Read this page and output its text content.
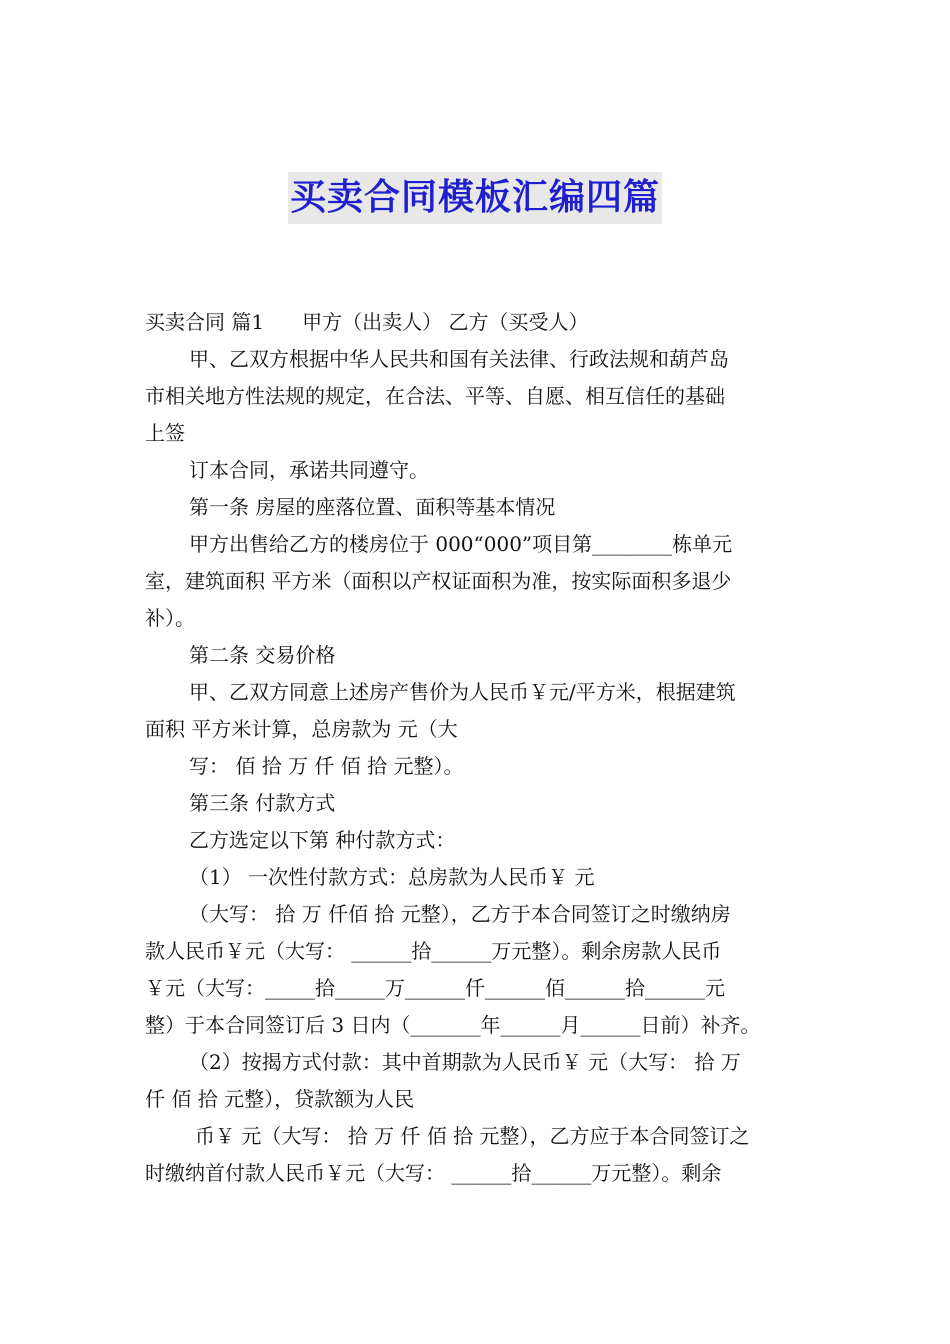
买卖合同模板汇编四篇
买卖合同 篇1 甲方（出卖人） 乙方（买受人）
甲、乙双方根据中华人民共和国有关法律、行政法规和葫芦岛
市相关地方性法规的规定，在合法、平等、自愿、相互信任的基础
上签
订本合同，承诺共同遵守。
第一条 房屋的座落位置、面积等基本情况
甲方出售给乙方的楼房位于 000“000”项目第________栋单元
室，建筑面积 平方米（面积以产权证面积为准，按实际面积多退少
补）。
第二条 交易价格
甲、乙双方同意上述房产售价为人民币￥元/平方米，根据建筑
面积 平方米计算，总房款为 元（大
写： 佰 拾 万 仟 佰 拾 元整）。
第三条 付款方式
乙方选定以下第 种付款方式：
（1） 一次性付款方式：总房款为人民币￥ 元
（大写： 拾 万 仟佰 拾 元整），乙方于本合同签订之时缴纳房
款人民币￥元（大写： ______拾______万元整）。剩余房款人民币
￥元（大写：_____拾_____万______仟______佰______拾______元
整）于本合同签订后 3 日内（_______年______月______日前）补齐。
（2）按揭方式付款：其中首期款为人民币￥ 元（大写： 拾 万
仟 佰 拾 元整），贷款额为人民
币￥ 元（大写： 拾 万 仟 佰 拾 元整），乙方应于本合同签订之
时缴纳首付款人民币￥元（大写： ______拾______万元整）。剩余
